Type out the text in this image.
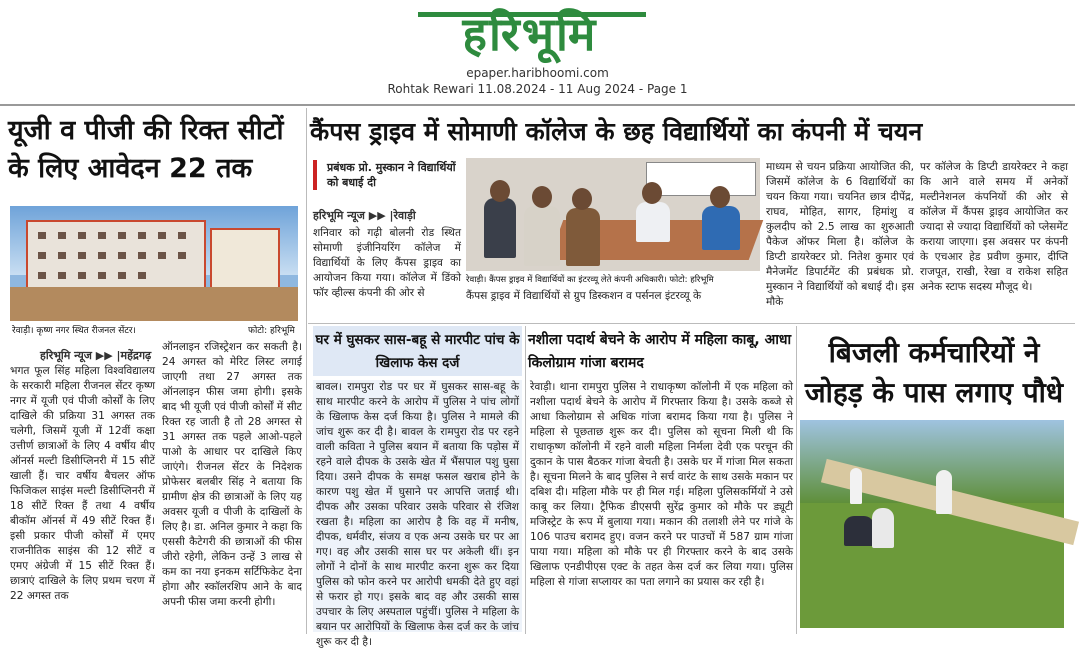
हरिभूमि
epaper.haribhoomi.com
Rohtak Rewari 11.08.2024 - 11 Aug 2024 - Page 1
यूजी व पीजी की रिक्त सीटों के लिए आवेदन 22 तक
रेवाड़ी। कृष्ण नगर स्थित रीजनल सेंटर।	फोटो: हरिभूमि
हरिभूमि न्यूज ▶▶ |महेंद्रगढ़
भगत फूल सिंह महिला विश्वविद्यालय के सरकारी महिला रीजनल सेंटर कृष्ण नगर में यूजी एवं पीजी कोर्सों के लिए दाखिले की प्रक्रिया 31 अगस्त तक चलेगी, जिसमें यूजी में 12वीं कक्षा उत्तीर्ण छात्राओं के लिए 4 वर्षीय बीए ऑनर्स मल्टी डिसीप्लिनरी में 15 सीटें खाली हैं। चार वर्षीय बैचलर ऑफ फिजिकल साइंस मल्टी डिसीप्लिनरी में 18 सीटें रिक्त हैं तथा 4 वर्षीय बीकॉम ऑनर्स में 49 सीटें रिक्त हैं। इसी प्रकार पीजी कोर्सों में एमए राजनीतिक साइंस की 12 सीटें व एमए अंग्रेजी में 15 सीटें रिक्त हैं। छात्राएं दाखिले के लिए प्रथम चरण में 22 अगस्त तक
ऑनलाइन रजिस्ट्रेशन कर सकती है। 24 अगस्त को मेरिट लिस्ट लगाई जाएगी तथा 27 अगस्त तक ऑनलाइन फीस जमा होगी। इसके बाद भी यूजी एवं पीजी कोर्सों में सीट रिक्त रह जाती है तो 28 अगस्त से 31 अगस्त तक पहले आओ-पहले पाओ के आधार पर दाखिले किए जाएंगे। रीजनल सेंटर के निदेशक प्रोफेसर बलबीर सिंह ने बताया कि ग्रामीण क्षेत्र की छात्राओं के लिए यह अवसर यूजी व पीजी के दाखिलों के लिए है। डा. अनिल कुमार ने कहा कि एससी कैटेगरी की छात्राओं की फीस जीरो रहेगी, लेकिन उन्हें 3 लाख से कम का नया इनकम सर्टिफिकेट देना होगा और स्कॉलरशिप आने के बाद अपनी फीस जमा करनी होगी।
कैंपस ड्राइव में सोमाणी कॉलेज के छह विद्यार्थियों का कंपनी में चयन
प्रबंधक प्रो. मुस्कान ने विद्यार्थियों को बधाई दी
हरिभूमि न्यूज ▶▶ |रेवाड़ी
शनिवार को गढ़ी बोलनी रोड स्थित सोमाणी इंजीनियरिंग कॉलेज में विद्यार्थियों के लिए कैंपस ड्राइव का आयोजन किया गया। कॉलेज में डिंको फॉर व्हील्स कंपनी की ओर से
रेवाड़ी। कैंपस ड्राइव में विद्यार्थियों का इंटरव्यू लेते कंपनी अधिकारी। फोटो: हरिभूमि
कैंपस ड्राइव में विद्यार्थियों से ग्रुप डिस्कशन व पर्सनल इंटरव्यू के
माध्यम से चयन प्रक्रिया आयोजित की, जिसमें कॉलेज के 6 विद्यार्थियों का चयन किया गया। चयनित छात्र दीपेंद्र, राघव, मोहित, सागर, हिमांशु व कुलदीप को 2.5 लाख का शुरुआती पैकेज ऑफर मिला है। कॉलेज के डिप्टी डायरेक्टर प्रो. नितेश कुमार एवं मैनेजमेंट डिपार्टमेंट की प्रबंधक प्रो. मुस्कान ने विद्यार्थियों को बधाई दी। इस मौके
पर कॉलेज के डिप्टी डायरेक्टर ने कहा कि आने वाले समय में अनेकों मल्टीनेशनल कंपनियों की ओर से कॉलेज में कैंपस ड्राइव आयोजित कर ज्यादा से ज्यादा विद्यार्थियों को प्लेसमेंट कराया जाएगा। इस अवसर पर कंपनी के एचआर हेड प्रवीण कुमार, दीप्ति राजपूत, राखी, रेखा व राकेश सहित अनेक स्टाफ सदस्य मौजूद थे।
घर में घुसकर सास-बहू से मारपीट पांच के खिलाफ केस दर्ज
बावल। रामपुरा रोड पर घर में घुसकर सास-बहू के साथ मारपीट करने के आरोप में पुलिस ने पांच लोगों के खिलाफ केस दर्ज किया है। पुलिस ने मामले की जांच शुरू कर दी है। बावल के रामपुरा रोड पर रहने वाली कविता ने पुलिस बयान में बताया कि पड़ोस में रहने वाले दीपक के उसके खेत में भैंसपाल पशु घुसा दिया। उसने दीपक के समक्ष फसल खराब होने के कारण पशु खेत में घुसाने पर आपत्ति जताई थी। दीपक और उसका परिवार उसके परिवार से रंजिश रखता है। महिला का आरोप है कि वह में मनीष, दीपक, धर्मवीर, संजय व एक अन्य उसके घर पर आ गए। वह और उसकी सास घर पर अकेली थीं। इन लोगों ने दोनों के साथ मारपीट करना शुरू कर दिया पुलिस को फोन करने पर आरोपी धमकी देते हुए वहां से फरार हो गए। इसके बाद वह और उसकी सास उपचार के लिए अस्पताल पहुंचीं। पुलिस ने महिला के बयान पर आरोपियों के खिलाफ केस दर्ज कर के जांच शुरू कर दी है।
नशीला पदार्थ बेचने के आरोप में महिला काबू, आधा किलोग्राम गांजा बरामद
रेवाड़ी। थाना रामपुरा पुलिस ने राधाकृष्ण कॉलोनी में एक महिला को नशीला पदार्थ बेचने के आरोप में गिरफ्तार किया है। उसके कब्जे से आधा किलोग्राम से अधिक गांजा बरामद किया गया है। पुलिस ने महिला से पूछताछ शुरू कर दी। पुलिस को सूचना मिली थी कि राधाकृष्ण कॉलोनी में रहने वाली महिला निर्मला देवी एक परचून की दुकान के पास बैठकर गांजा बेचती है। उसके घर में गांजा मिल सकता है। सूचना मिलने के बाद पुलिस ने सर्च वारंट के साथ उसके मकान पर दबिश दी। महिला मौके पर ही मिल गई। महिला पुलिसकर्मियों ने उसे काबू कर लिया। ट्रैफिक डीएसपी सुरेंद्र कुमार को मौके पर ड्यूटी मजिस्ट्रेट के रूप में बुलाया गया। मकान की तलाशी लेने पर गांजे के 106 पाउच बरामद हुए। वजन करने पर पाउचों में 587 ग्राम गांजा पाया गया। महिला को मौके पर ही गिरफ्तार करने के बाद उसके खिलाफ एनडीपीएस एक्ट के तहत केस दर्ज कर लिया गया। पुलिस महिला से गांजा सप्लायर का पता लगाने का प्रयास कर रही है।
बिजली कर्मचारियों ने जोहड़ के पास लगाए पौधे
